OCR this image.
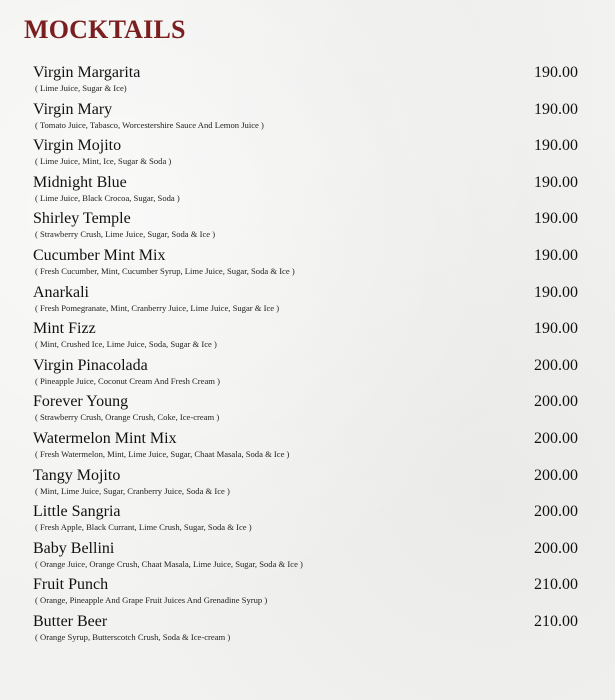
MOCKTAILS
Virgin Margarita
( Lime Juice, Sugar & Ice)
190.00
Virgin Mary
( Tomato Juice, Tabasco, Worcestershire Sauce And Lemon Juice )
190.00
Virgin Mojito
( Lime Juice, Mint, Ice, Sugar & Soda )
190.00
Midnight Blue
( Lime Juice, Black Crocoa, Sugar, Soda )
190.00
Shirley Temple
( Strawberry Crush, Lime Juice, Sugar, Soda & Ice )
190.00
Cucumber Mint Mix
( Fresh Cucumber, Mint, Cucumber Syrup, Lime Juice, Sugar, Soda & Ice )
190.00
Anarkali
( Fresh Pomegranate, Mint, Cranberry Juice, Lime Juice, Sugar & Ice )
190.00
Mint Fizz
( Mint, Crushed Ice, Lime Juice, Soda, Sugar & Ice )
190.00
Virgin Pinacolada
( Pineapple Juice, Coconut Cream And Fresh Cream )
200.00
Forever Young
( Strawberry Crush, Orange Crush, Coke, Ice-cream )
200.00
Watermelon Mint Mix
( Fresh Watermelon, Mint, Lime Juice, Sugar, Chaat Masala, Soda & Ice )
200.00
Tangy Mojito
( Mint, Lime Juice, Sugar, Cranberry Juice, Soda & Ice )
200.00
Little Sangria
( Fresh Apple, Black Currant, Lime Crush, Sugar, Soda & Ice )
200.00
Baby Bellini
( Orange Juice, Orange Crush, Chaat Masala, Lime Juice, Sugar, Soda & Ice )
200.00
Fruit Punch
( Orange, Pineapple And Grape Fruit Juices And Grenadine Syrup )
210.00
Butter Beer
( Orange Syrup, Butterscotch Crush, Soda & Ice-cream )
210.00
